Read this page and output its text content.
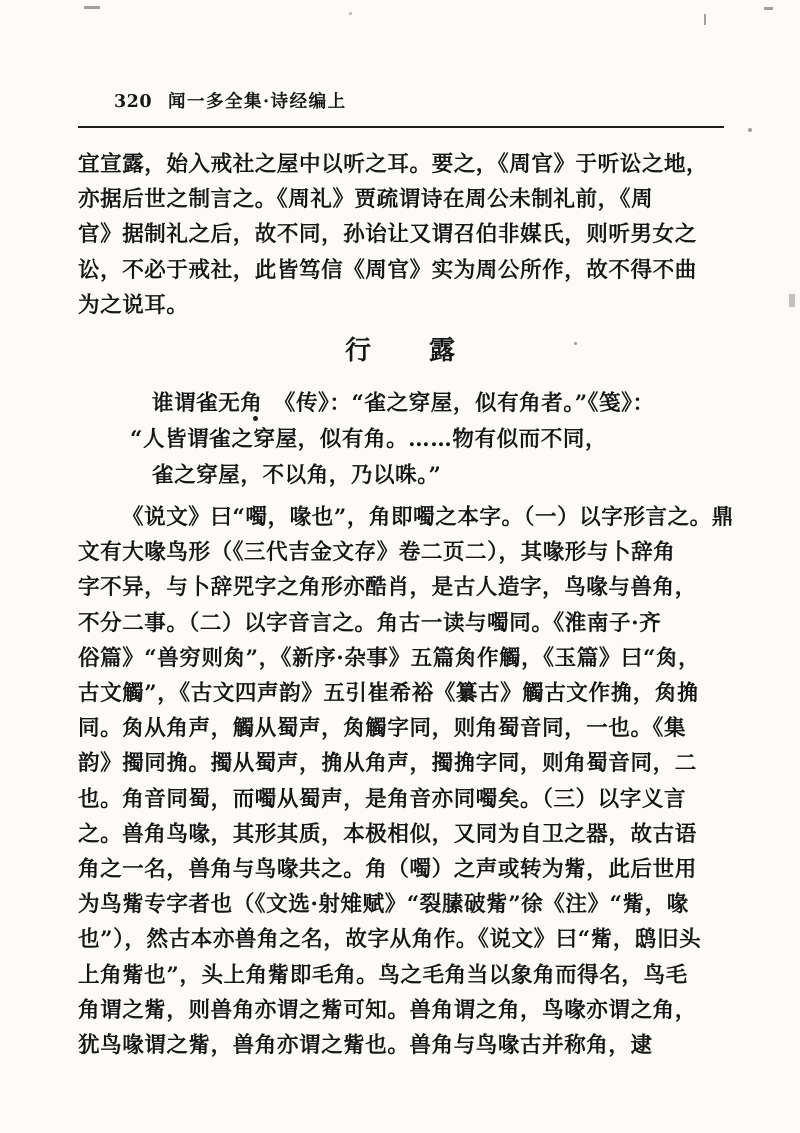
320 闻一多全集·诗经编上
宜宣露，始入戒社之屋中以听之耳。要之，《周官》于听讼之地，
亦据后世之制言之。《周礼》贾疏谓诗在周公未制礼前，《周
官》据制礼之后，故不同，孙诒让又谓召伯非媒氏，则听男女之
讼，不必于戒社，此皆笃信《周官》实为周公所作，故不得不曲
为之说耳。
行　　露
谁谓雀无角　《传》：“雀之穿屋，似有角者。”《笺》：
“人皆谓雀之穿屋，似有角。……物有似而不同，
雀之穿屋，不以角，乃以咮。”
《说文》曰“噣，喙也”，角即噣之本字。（一）以字形言之。鼎
文有大喙鸟形（《三代吉金文存》卷二页二），其喙形与卜辞角
字不异，与卜辞兕字之角形亦酷肖，是古人造字，鸟喙与兽角，
不分二事。（二）以字音言之。角古一读与噣同。《淮南子·齐
俗篇》“兽穷则𧢲”，《新序·杂事》五篇𧢲作觸，《玉篇》曰“𧢲，
古文觸”，《古文四声韵》五引崔希裕《纂古》觸古文作捔，𧢲捔
同。𧢲从角声，觸从蜀声，𧢲觸字同，则角蜀音同，一也。《集
韵》擉同捔。擉从蜀声，捔从角声，擉捔字同，则角蜀音同，二
也。角音同蜀，而噣从蜀声，是角音亦同噣矣。（三）以字义言
之。兽角鸟喙，其形其质，本极相似，又同为自卫之器，故古语
角之一名，兽角与鸟喙共之。角（噣）之声或转为觜，此后世用
为鸟觜专字者也（《文选·射雉赋》“裂膆破觜”徐《注》“觜，喙
也”），然古本亦兽角之名，故字从角作。《说文》曰“觜，鸱旧头
上角觜也”，头上角觜即毛角。鸟之毛角当以象角而得名，鸟毛
角谓之觜，则兽角亦谓之觜可知。兽角谓之角，鸟喙亦谓之角，
犹鸟喙谓之觜，兽角亦谓之觜也。兽角与鸟喙古并称角，逮
